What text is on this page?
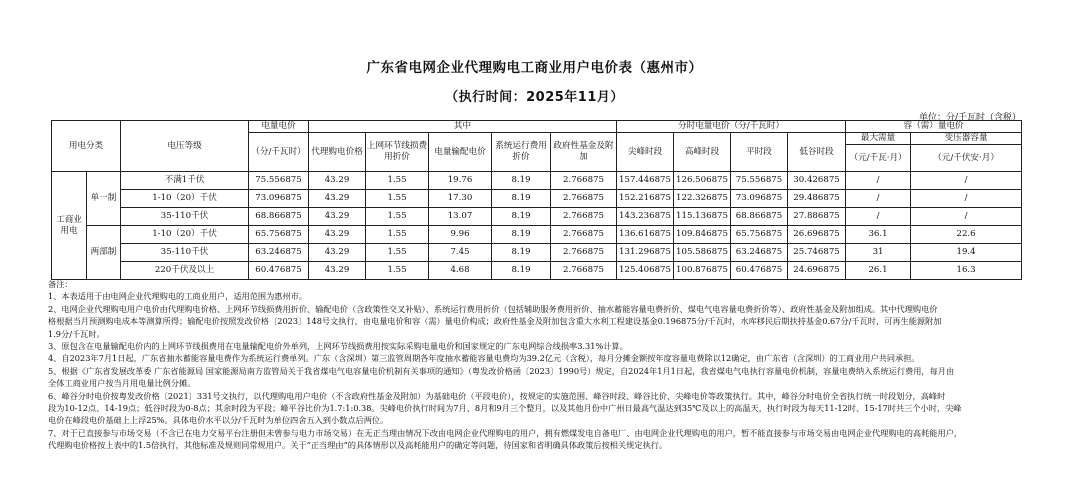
广东省电网企业代理购电工商业用户电价表（惠州市）
（执行时间：2025年11月）
单位：分/千瓦时（含税）
用电分类		电压等级	电量电价	其中					分时电量电价（分/千瓦时）				容（需）量电价	
			（分/千瓦时）	代理购电价格	上网环节线损费用折价	电量输配电价	系统运行费用折价	政府性基金及附加	尖峰时段	高峰时段	平时段	低谷时段	最大需量	变压器容量
													（元/千瓦·月）	（元/千伏安·月）
工商业用电	单一制	不满1千伏	75.556875	43.29	1.55	19.76	8.19	2.766875	157.446875	126.506875	75.556875	30.426875	/	/
		1-10（20）千伏	73.096875	43.29	1.55	17.30	8.19	2.766875	152.216875	122.326875	73.096875	29.486875	/	/
		35-110千伏	68.866875	43.29	1.55	13.07	8.19	2.766875	143.236875	115.136875	68.866875	27.886875	/	/
	两部制	1-10（20）千伏	65.756875	43.29	1.55	9.96	8.19	2.766875	136.616875	109.846875	65.756875	26.696875	36.1	22.6
		35-110千伏	63.246875	43.29	1.55	7.45	8.19	2.766875	131.296875	105.586875	63.246875	25.746875	31	19.4
		220千伏及以上	60.476875	43.29	1.55	4.68	8.19	2.766875	125.406875	100.876875	60.476875	24.696875	26.1	16.3
备注：
1、本表适用于由电网企业代理购电的工商业用户，适用范围为惠州市。
2、电网企业代理购电用户电价由代理购电价格、上网环节线损费用折价、输配电价（含政策性交叉补贴）、系统运行费用折价（包括辅助服务费用折价、抽水蓄能容量电费折价、煤电气电容量电费折价等）、政府性基金及附加组成。其中代理购电价
格根据当月预测购电成本等测算所得；输配电价按照发改价格〔2023〕148号文执行，由电量电价和容（需）量电价构成；政府性基金及附加包含重大水利工程建设基金0.196875分/千瓦时，水库移民后期扶持基金0.67分/千瓦时，可再生能源附加
1.9分/千瓦时。
3、原包含在电量输配电价内的上网环节线损费用在电量输配电价外单列，上网环节线损费用按实际采购电量电价和国家规定的广东电网综合线损率3.31%计算。
4、自2023年7月1日起，广东省抽水蓄能容量电费作为系统运行费单列。广东（含深圳）第三监管周期各年度抽水蓄能容量电费均为39.2亿元（含税），每月分摊金额按年度容量电费除以12确定，由广东省（含深圳）的工商业用户共同承担。
5、根据《广东省发展改革委 广东省能源局 国家能源局南方监管局关于我省煤电气电容量电价机制有关事项的通知》（粤发改价格函〔2023〕1990号）规定，自2024年1月1日起，我省煤电气电执行容量电价机制，容量电费纳入系统运行费用，每月由
全体工商业用户按当月用电量比例分摊。
6、峰谷分时电价按粤发改价格〔2021〕331号文执行，以代理购电用户电价（不含政府性基金及附加）为基础电价（平段电价），按规定的实施范围、峰谷时段、峰谷比价、尖峰电价等政策执行。其中，峰谷分时电价全省执行统一时段划分，高峰时
段为10-12点、14-19点；低谷时段为0-8点；其余时段为平段；峰平谷比价为1.7:1:0.38。尖峰电价执行时间为7月、8月和9月三个整月，以及其他月份中广州日最高气温达到35℃及以上的高温天，执行时段为每天11-12时、15-17时共三个小时，尖峰
电价在峰段电价基础上上浮25%。具体电价水平以分/千瓦时为单位四舍五入到小数点后两位。
7、对于已直接参与市场交易（不含已在电力交易平台注册但未曾参与电力市场交易）在无正当理由情况下改由电网企业代理购电的用户，拥有燃煤发电自备电厂、由电网企业代理购电的用户，暂不能直接参与市场交易由电网企业代理购电的高耗能用户，
代理购电价格按上表中的1.5倍执行，其他标准及规则同常规用户。关于“正当理由”的具体情形以及高耗能用户的确定等问题，待国家和省明确具体政策后按相关规定执行。
